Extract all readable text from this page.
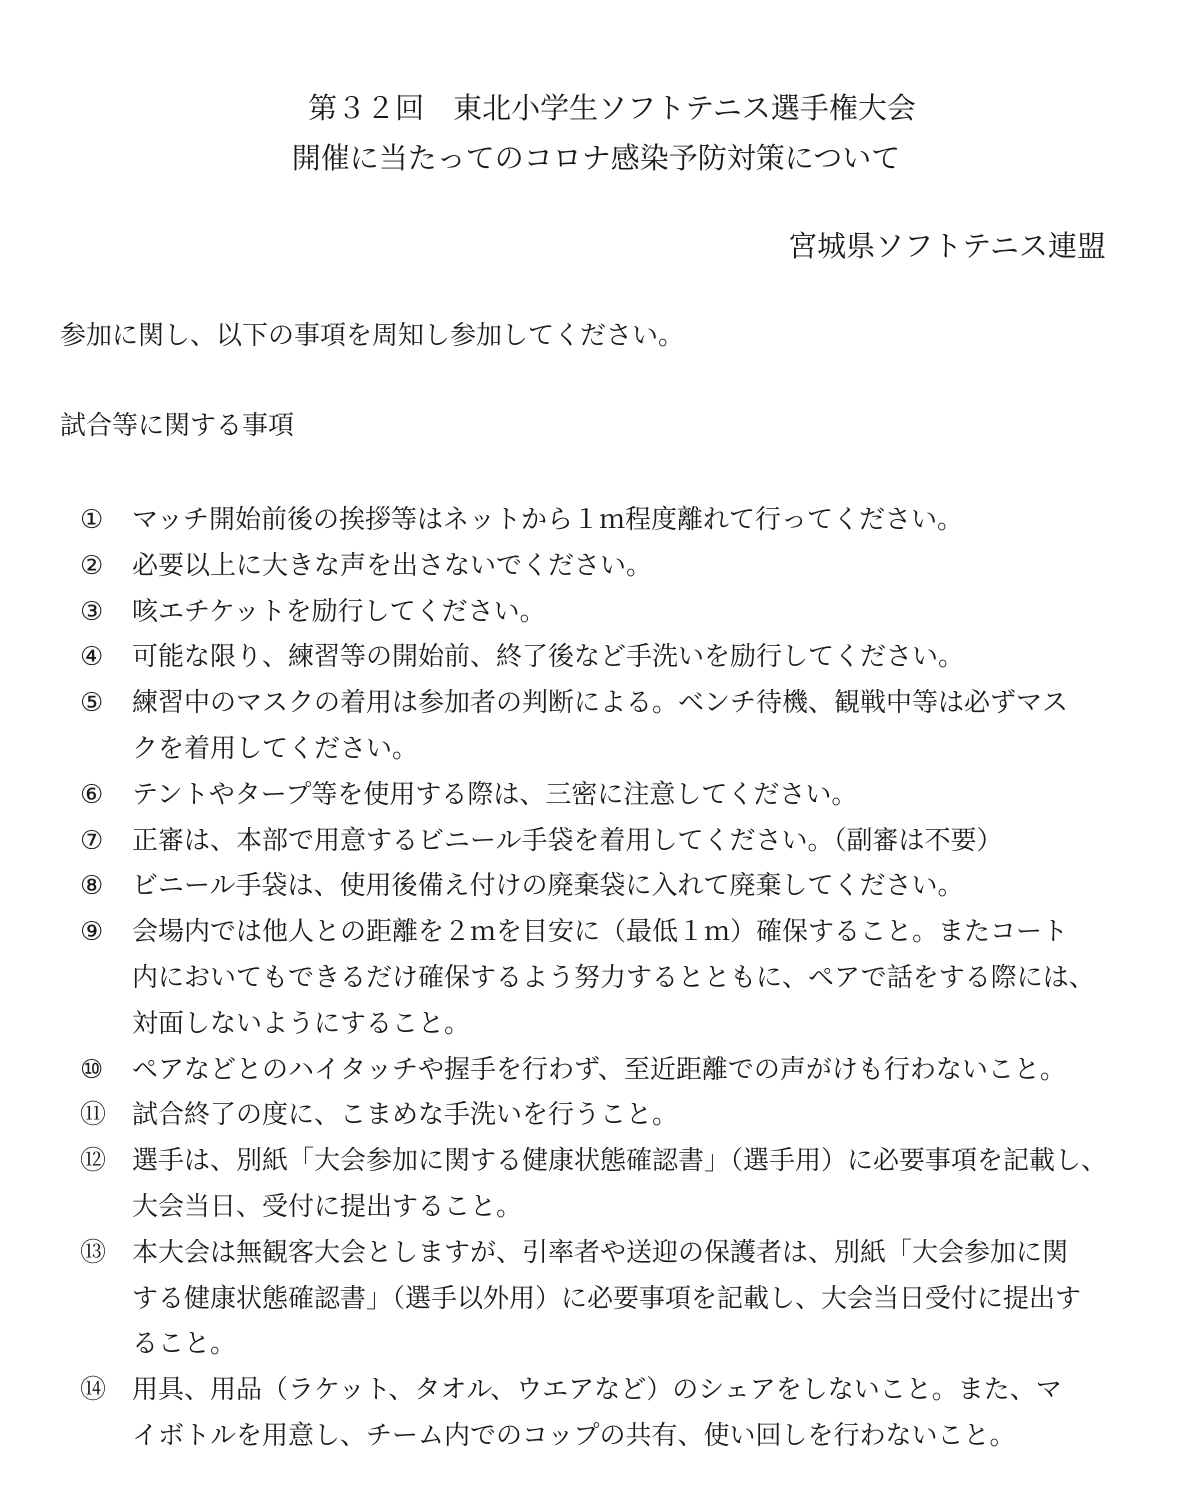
第３２回　東北小学生ソフトテニス選手権大会
開催に当たってのコロナ感染予防対策について
宮城県ソフトテニス連盟
参加に関し、以下の事項を周知し参加してください。
試合等に関する事項
①	マッチ開始前後の挨拶等はネットから１ｍ程度離れて行ってください。
②	必要以上に大きな声を出さないでください。
③	咳エチケットを励行してください。
④	可能な限り、練習等の開始前、終了後など手洗いを励行してください。
⑤	練習中のマスクの着用は参加者の判断による。ベンチ待機、観戦中等は必ずマス
クを着用してください。
⑥	テントやタープ等を使用する際は、三密に注意してください。
⑦	正審は、本部で用意するビニール手袋を着用してください。（副審は不要）
⑧	ビニール手袋は、使用後備え付けの廃棄袋に入れて廃棄してください。
⑨	会場内では他人との距離を２ｍを目安に（最低１ｍ）確保すること。またコート
内においてもできるだけ確保するよう努力するとともに、ペアで話をする際には、
対面しないようにすること。
⑩	ペアなどとのハイタッチや握手を行わず、至近距離での声がけも行わないこと。
⑪ 試合終了の度に、こまめな手洗いを行うこと。
⑫ 選手は、別紙「大会参加に関する健康状態確認書」（選手用）に必要事項を記載し、
大会当日、受付に提出すること。
⑬ 本大会は無観客大会としますが、引率者や送迎の保護者は、別紙「大会参加に関
する健康状態確認書」（選手以外用）に必要事項を記載し、大会当日受付に提出す
ること。
⑭ 用具、用品（ラケット、タオル、ウエアなど）のシェアをしないこと。また、マ
イボトルを用意し、チーム内でのコップの共有、使い回しを行わないこと。
